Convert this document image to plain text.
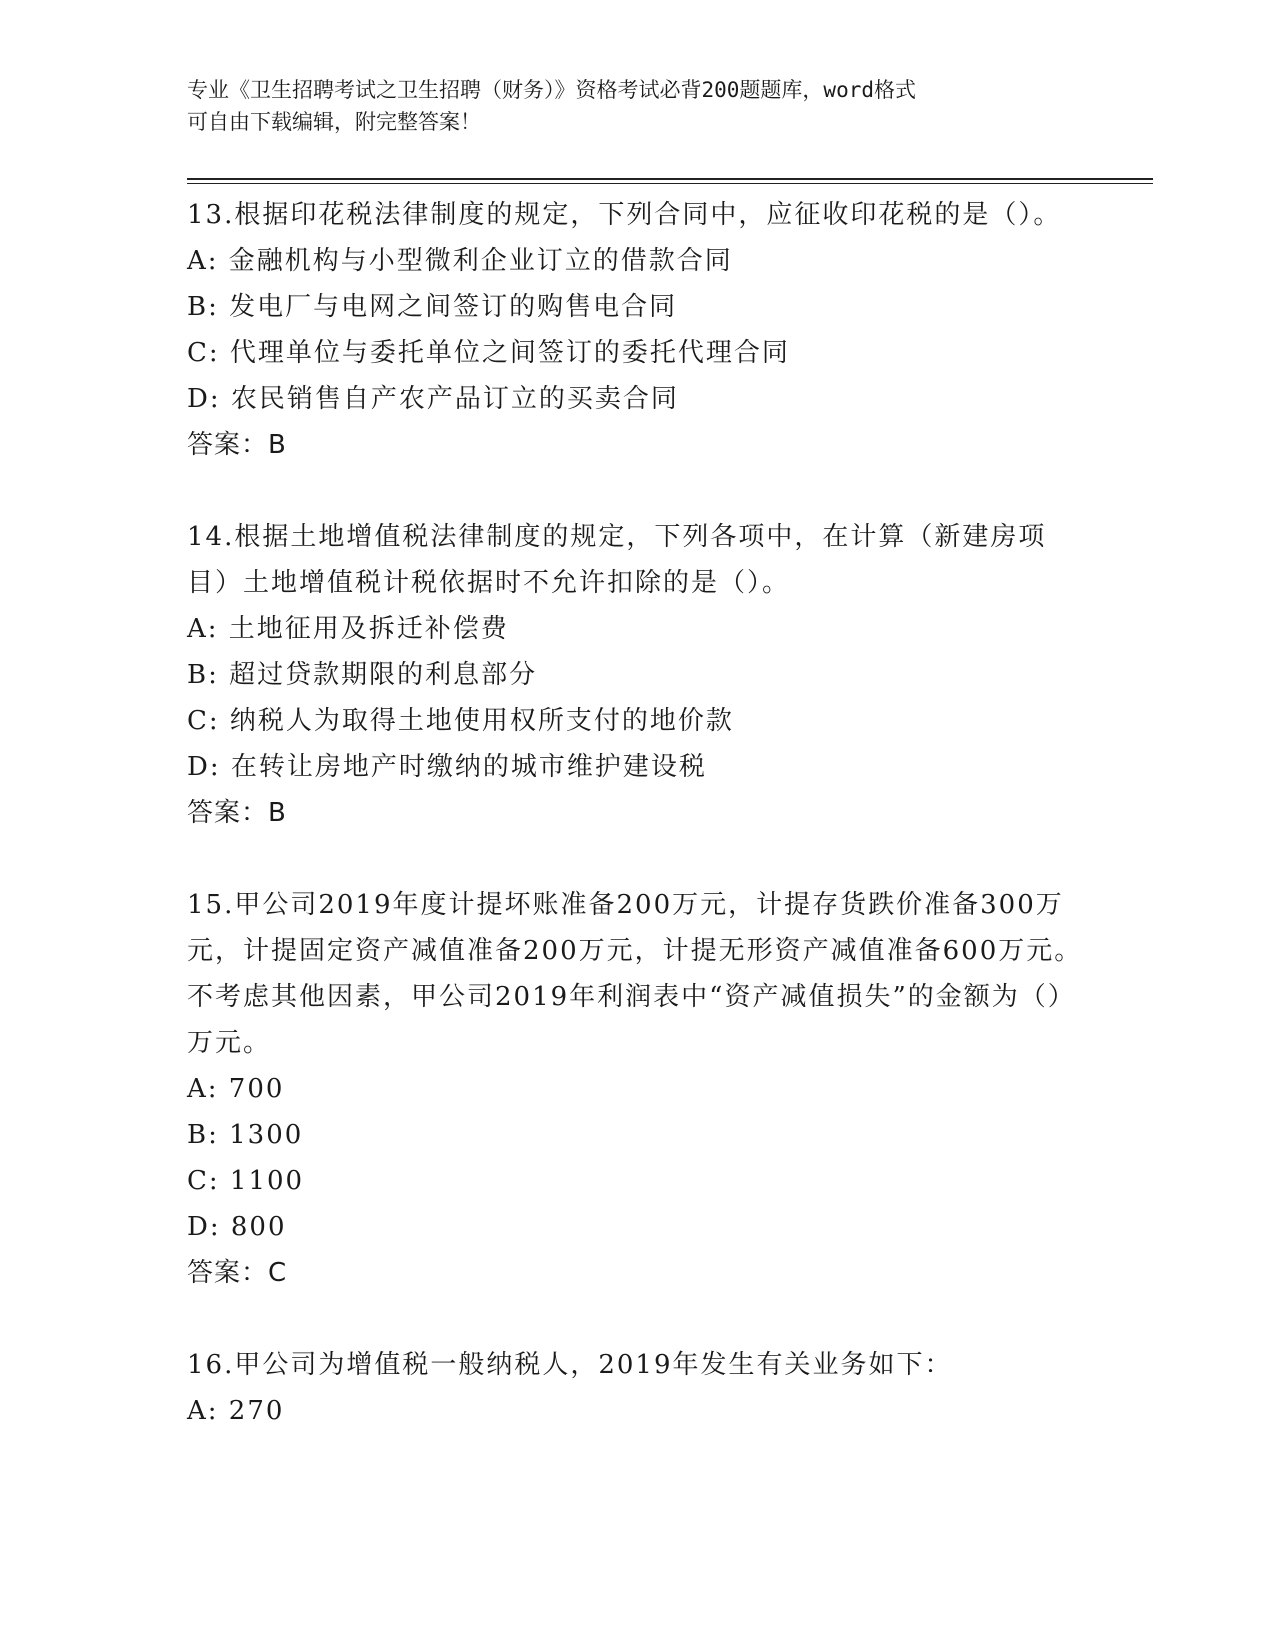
专业《卫生招聘考试之卫生招聘（财务）》资格考试必背200题题库，word格式
可自由下载编辑，附完整答案！

13.根据印花税法律制度的规定，下列合同中，应征收印花税的是（）。

A: 金融机构与小型微利企业订立的借款合同

B: 发电厂与电网之间签订的购售电合同

C: 代理单位与委托单位之间签订的委托代理合同

D: 农民销售自产农产品订立的买卖合同

答案：B

14.根据土地增值税法律制度的规定，下列各项中，在计算（新建房项目）土地增值税计税依据时不允许扣除的是（）。

A: 土地征用及拆迁补偿费

B: 超过贷款期限的利息部分

C: 纳税人为取得土地使用权所支付的地价款

D: 在转让房地产时缴纳的城市维护建设税

答案：B

15.甲公司2019年度计提坏账准备200万元，计提存货跌价准备300万元，计提固定资产减值准备200万元，计提无形资产减值准备600万元。不考虑其他因素，甲公司2019年利润表中“资产减值损失”的金额为（）万元。

A: 700

B: 1300

C: 1100

D: 800

答案：C

16.甲公司为增值税一般纳税人，2019年发生有关业务如下：

A: 270
